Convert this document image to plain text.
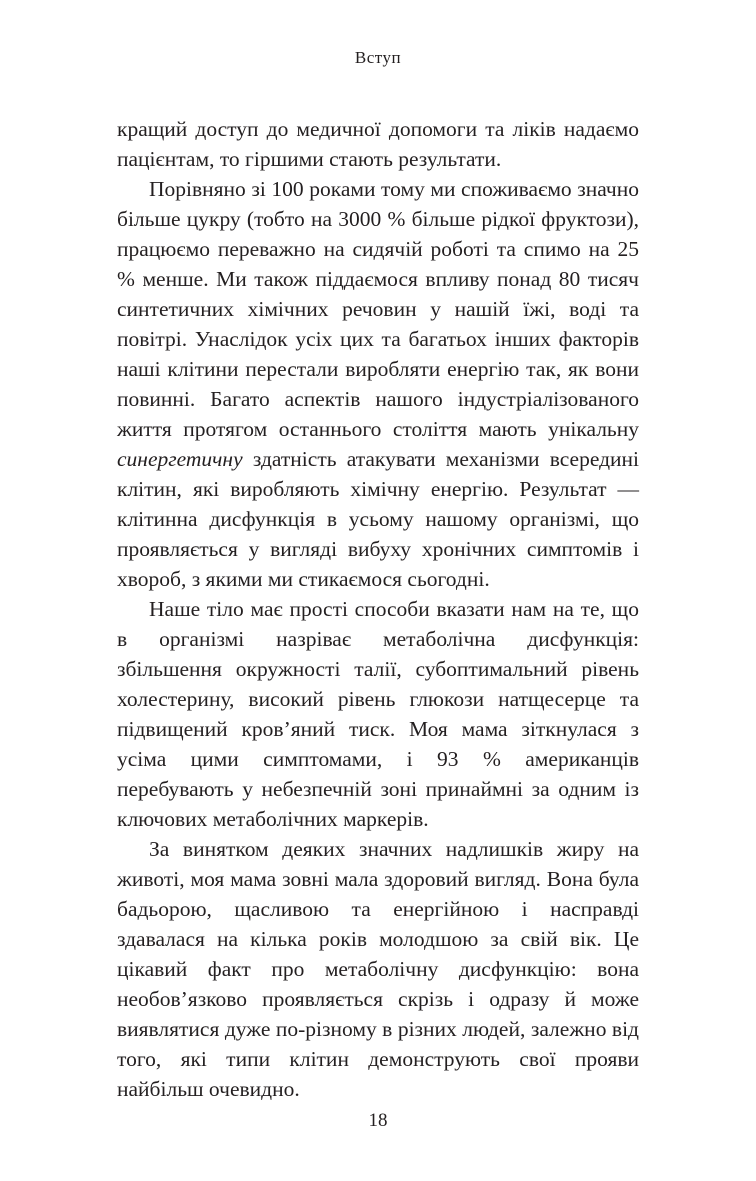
Вступ

кращий доступ до медичної допомоги та ліків надаємо пацієнтам, то гіршими стають результати.

Порівняно зі 100 роками тому ми споживаємо значно більше цукру (тобто на 3000 % більше рідкої фруктози), працюємо переважно на сидячій роботі та спимо на 25 % менше. Ми також піддаємося впливу понад 80 тисяч синтетичних хімічних речовин у нашій їжі, воді та повітрі. Унаслідок усіх цих та багатьох інших факторів наші клітини перестали виробляти енергію так, як вони повинні. Багато аспектів нашого індустріалізованого життя протягом останнього століття мають унікальну синергетичну здатність атакувати механізми всередині клітин, які виробляють хімічну енергію. Результат — клітинна дисфункція в усьому нашому організмі, що проявляється у вигляді вибуху хронічних симптомів і хвороб, з якими ми стикаємося сьогодні.

Наше тіло має прості способи вказати нам на те, що в організмі назріває метаболічна дисфункція: збільшення окружності талії, субоптимальний рівень холестерину, високий рівень глюкози натщесерце та підвищений кров’яний тиск. Моя мама зіткнулася з усіма цими симптомами, і 93 % американців перебувають у небезпечній зоні принаймні за одним із ключових метаболічних маркерів.

За винятком деяких значних надлишків жиру на животі, моя мама зовні мала здоровий вигляд. Вона була бадьорою, щасливою та енергійною і насправді здавалася на кілька років молодшою за свій вік. Це цікавий факт про метаболічну дисфункцію: вона необов’язково проявляється скрізь і одразу й може виявлятися дуже по-різному в різних людей, залежно від того, які типи клітин демонструють свої прояви найбільш очевидно.

18
